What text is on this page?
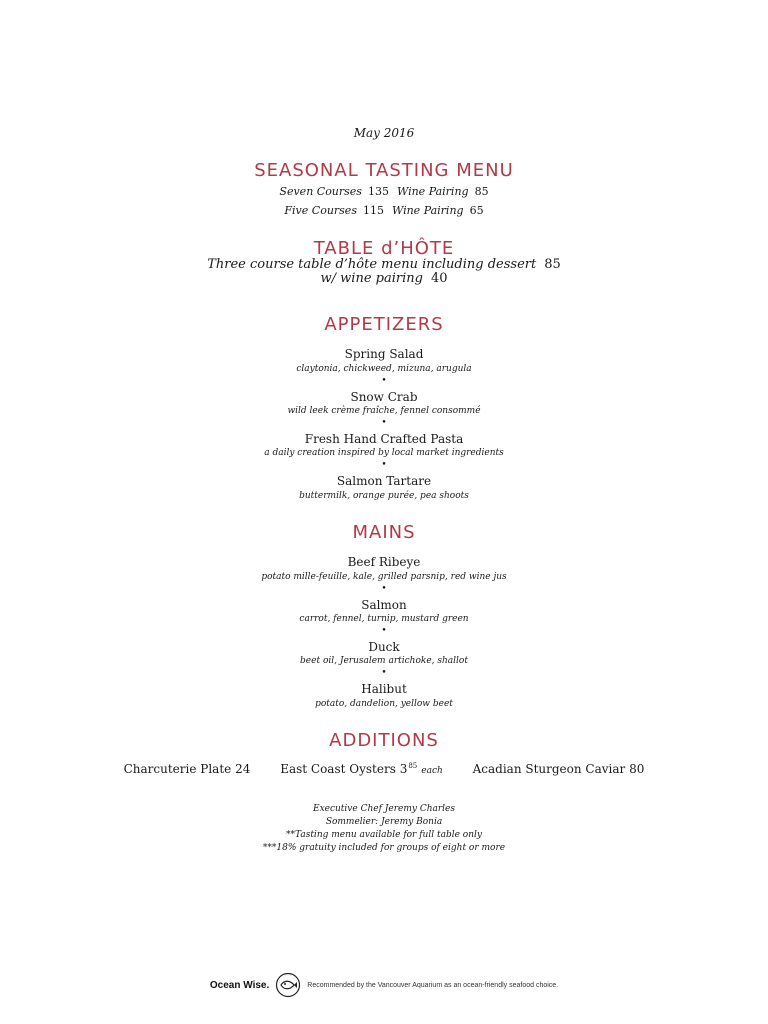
May 2016
SEASONAL TASTING MENU
Seven Courses 135 Wine Pairing 85
Five Courses 115 Wine Pairing 65
TABLE d’HÔTE
Three course table d’hôte menu including dessert 85
w/ wine pairing 40
APPETIZERS
Spring Salad
claytonia, chickweed, mizuna, arugula
•
Snow Crab
wild leek crème fraîche, fennel consommé
•
Fresh Hand Crafted Pasta
a daily creation inspired by local market ingredients
•
Salmon Tartare
buttermilk, orange purée, pea shoots
MAINS
Beef Ribeye
potato mille-feuille, kale, grilled parsnip, red wine jus
•
Salmon
carrot, fennel, turnip, mustard green
•
Duck
beet oil, Jerusalem artichoke, shallot
•
Halibut
potato, dandelion, yellow beet
ADDITIONS
Charcuterie Plate 24 East Coast Oysters $3^{85}$ each Acadian Sturgeon Caviar 80
Executive Chef Jeremy Charles
Sommelier: Jeremy Bonia
**Tasting menu available for full table only
***18% gratuity included for groups of eight or more
Ocean Wise.	Recommended by the Vancouver Aquarium as an ocean-friendly seafood choice.
